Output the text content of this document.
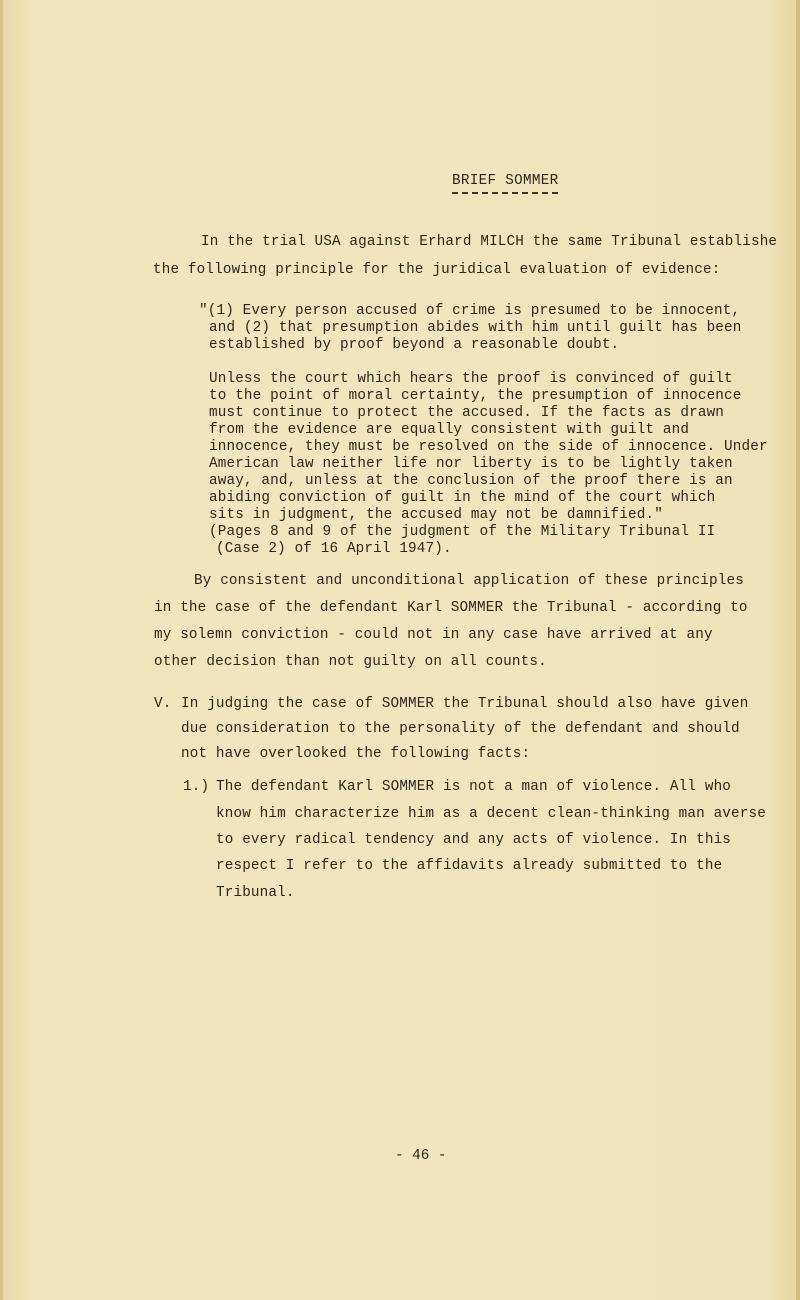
BRIEF SOMMER
In the trial USA against Erhard MILCH the same Tribunal establishe
the following principle for the juridical evaluation of evidence:
"(1) Every person accused of crime is presumed to be innocent,
and (2) that presumption abides with him until guilt has been
established by proof beyond a reasonable doubt.
Unless the court which hears the proof is convinced of guilt
to the point of moral certainty, the presumption of innocence
must continue to protect the accused. If the facts as drawn
from the evidence are equally consistent with guilt and
innocence, they must be resolved on the side of innocence. Under
American law neither life nor liberty is to be lightly taken
away, and, unless at the conclusion of the proof there is an
abiding conviction of guilt in the mind of the court which
sits in judgment, the accused may not be damnified."
(Pages 8 and 9 of the judgment of the Military Tribunal II
(Case 2) of 16 April 1947).
By consistent and unconditional application of these principles
in the case of the defendant Karl SOMMER the Tribunal - according to
my solemn conviction - could not in any case have arrived at any
other decision than not guilty on all counts.
V. In judging the case of SOMMER the Tribunal should also have given
due consideration to the personality of the defendant and should
not have overlooked the following facts:
1.) The defendant Karl SOMMER is not a man of violence. All who
know him characterize him as a decent clean-thinking man averse
to every radical tendency and any acts of violence. In this
respect I refer to the affidavits already submitted to the
Tribunal.
- 46 -
